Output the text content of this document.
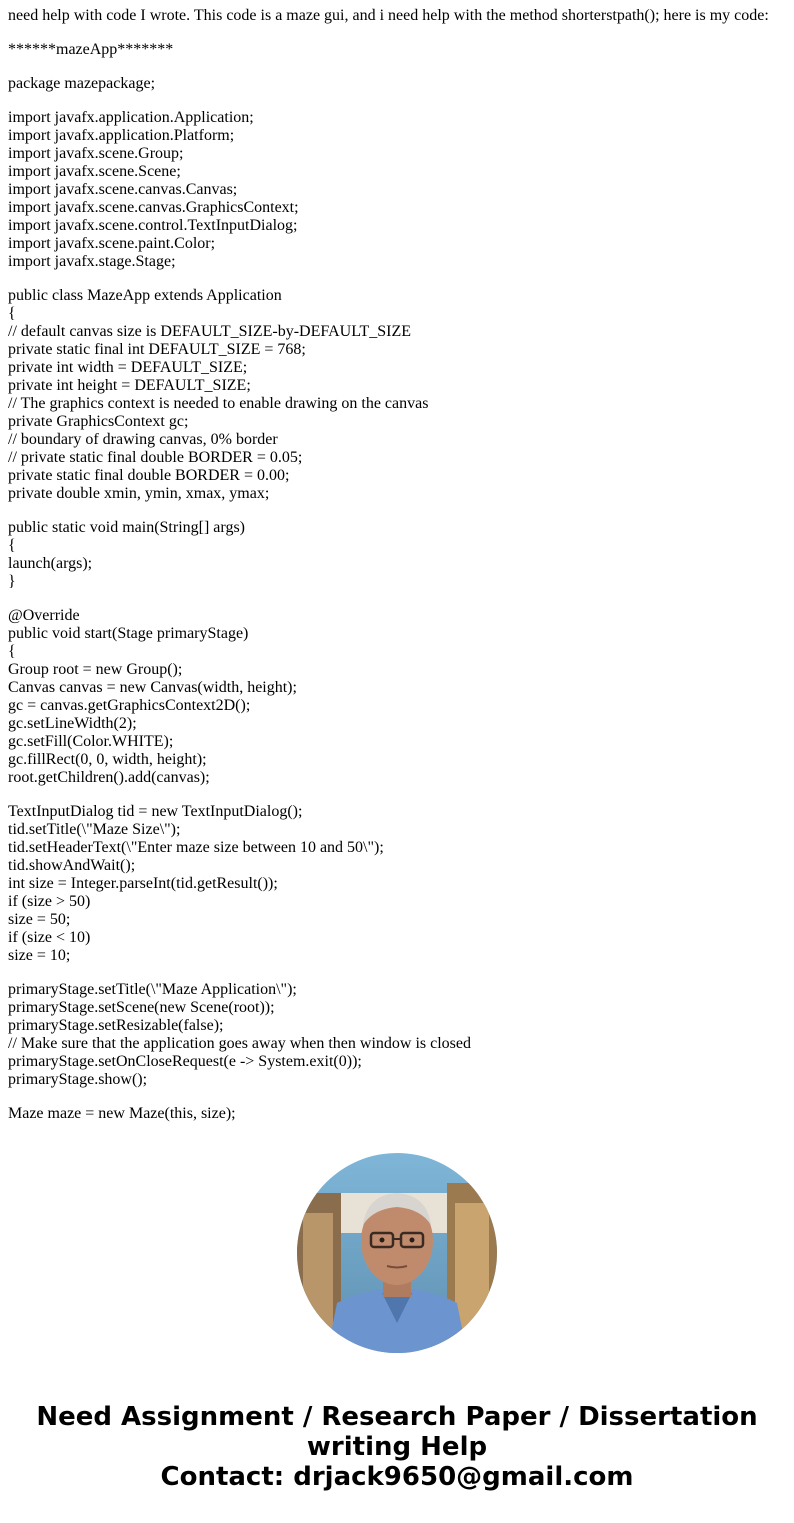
need help with code I wrote. This code is a maze gui, and i need help with the method shorterstpath(); here is my code:

******mazeApp*******

package mazepackage;

import javafx.application.Application;
import javafx.application.Platform;
import javafx.scene.Group;
import javafx.scene.Scene;
import javafx.scene.canvas.Canvas;
import javafx.scene.canvas.GraphicsContext;
import javafx.scene.control.TextInputDialog;
import javafx.scene.paint.Color;
import javafx.stage.Stage;
public class MazeApp extends Application
{
// default canvas size is DEFAULT_SIZE-by-DEFAULT_SIZE
private static final int DEFAULT_SIZE = 768;
private int width = DEFAULT_SIZE;
private int height = DEFAULT_SIZE;
// The graphics context is needed to enable drawing on the canvas
private GraphicsContext gc;
// boundary of drawing canvas, 0% border
// private static final double BORDER = 0.05;
private static final double BORDER = 0.00;
private double xmin, ymin, xmax, ymax;
public static void main(String[] args)
{
launch(args);
}
@Override
public void start(Stage primaryStage)
{
Group root = new Group();
Canvas canvas = new Canvas(width, height);
gc = canvas.getGraphicsContext2D();
gc.setLineWidth(2);
gc.setFill(Color.WHITE);
gc.fillRect(0, 0, width, height);
root.getChildren().add(canvas);
TextInputDialog tid = new TextInputDialog();
tid.setTitle(\"Maze Size\");
tid.setHeaderText(\"Enter maze size between 10 and 50\");
tid.showAndWait();
int size = Integer.parseInt(tid.getResult());
if (size > 50)
size = 50;
if (size < 10)
size = 10;
primaryStage.setTitle(\"Maze Application\");
primaryStage.setScene(new Scene(root));
primaryStage.setResizable(false);
// Make sure that the application goes away when then window is closed
primaryStage.setOnCloseRequest(e -> System.exit(0));
primaryStage.show();
Maze maze = new Maze(this, size);
Need Assignment / Research Paper / Dissertation
writing Help
Contact: drjack9650@gmail.com
